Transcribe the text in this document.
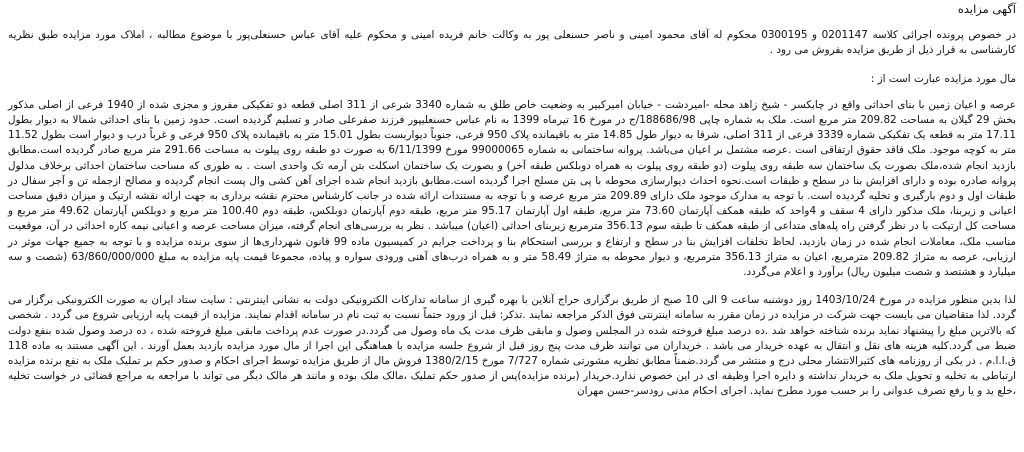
آگهی مزایده

در خصوص پرونده اجرائی کلاسه 0201147 و 0300195 محکوم له آقای محمود امینی و ناصر حسنعلی پور به وکالت خانم فریده امینی و محکوم علیه آقای عباس حسنعلی‌پور با موضوع مطالبه ، املاک مورد مزایده طبق نظریه کارشناسی به قرار ذیل از طریق مزایده بفروش می رود .

مال مورد مزایده عبارت است از :

عرصه و اعیان زمین با بنای احداثی واقع در چابکسر - شیخ زاهد محله -امیردشت - خیابان امیرکبیر به وضعیت خاص طلق به شماره 3340 شرعی از 311 اصلی قطعه دو تفکیکی مفروز و مجزی شده از 1940 فرعی از اصلی مذکور بخش 29 گیلان به مساحت 209.82 متر مربع است. ملک به شماره چاپی 188686/98/ج در مورخ 16 تیرماه 1399 به نام عباس حسنعلیپور فرزند صفرعلی صادر و تسلیم گردیده است. حدود زمین با بنای احداثی شمالا به دیوار بطول 17.11 متر به قطعه یک تفکیکی شماره 3339 فرعی از 311 اصلی، شرقا به دیوار طول 14.85 متر به باقیمانده پلاک 950 فرعی، جنوباً دیواربست بطول 15.01 متر به باقیمانده پلاک 950 فرعی و غرباً درب و دیوار است بطول 11.52 متر به کوچه موجود. ملک فاقد حقوق ارتفاقی است .عرصه مشتمل بر اعیان می‌باشد. پروانه ساختمانی به شماره 99000065 مورخ 6/11/1399 به صورت دو طبقه روی پیلوت به مساحت 291.66 متر مربع صادر گردیده است.مطابق بازدید انجام شده،ملک بصورت یک ساختمان سه طبقه روی پیلوت (دو طبقه روی پیلوت به همراه دوبلکس طبقه آخر) و بصورت یک ساختمان اسکلت بتن آرمه تک واحدی است . به طوری که مساحت ساختمان احداثی برخلاف مدلول پروانه صادره بوده و دارای افزایش بنا در سطح و طبقات است.نحوه احداث دیوارسازی محوطه با پی بتن مسلح اجرا گردیده است.مطابق بازدید انجام شده اجرای آهن کشی وال پست انجام گردیده و مصالح ازجمله تن و آجر سفال در طبقات اول و دوم بارگیری و تخلیه گردیده است. با توجه به مدارک موجود ملک دارای 209.89 متر مربع عرصه و با توجه به مستندات ارائه شده در جانب کارشناس محترم نقشه برداری به جهت ارائه نقشه ارتیک و میزان دقیق مساحت اعیانی و زیربنا، ملک مذکور دارای 4 سقف و 4واحد که طبقه همکف آپارتمان 73.60 متر مربع، طبقه اول آپارتمان 95.17 متر مربع، طبقه دوم آپارتمان دوبلکس، طبقه دوم 100.40 متر مربع و دوبلکس آپارتمان 49.62 متر مربع و مساحت کل ارتیکت با در نظر گرفتن راه پله‌های متداعی از طبقه همکف تا طبقه سوم 356.13 مترمربع زیربنای احداثی (اعیان) میباشد . نظر به بررسی‌های انجام گرفته، میزان مساحت عرصه و اعیانی نیمه کاره احداثی در آن، موقعیت مناسب ملک، معاملات انجام شده در زمان بازدید، لحاظ تخلفات افزایش بنا در سطح و ارتفاع و بررسی استحکام بنا و پرداخت جرایم در کمیسیون ماده 99 قانون شهرداری‌ها از سوی برنده مزایده و با توجه به جمیع جهات موثر در ارزیابی، عرصه به متراژ 209.82 مترمربع، اعیان به متراژ 356.13 مترمربع، و دیوار محوطه به متراژ 58.49 متر و به همراه درب‌های آهنی ورودی سواره و پیاده، مجموعا قیمت پایه مزایده به مبلغ 63/860/000/000 (شصت و سه میلیارد و هشتصد و شصت میلیون ریال) برآورد و اعلام می‌گردد.

لذا بدین منظور مزایده در مورخ 1403/10/24 روز دوشنبه ساعت 9 الی 10 صبح از طریق برگزاری حراج آنلاین با بهره گیری از سامانه تدارکات الکترونیکی دولت به نشانی اینترنتی : سایت ستاد ایران به صورت الکترونیکی برگزار می گردد. لذا متقاضیان می بایست جهت شرکت در مزایده در زمان مقرر به سامانه اینترنتی فوق الذکر مراجعه نمایند .تذکر: قبل از ورود حتماً نسبت به ثبت نام در سامانه اقدام نمایند. مزایده از قیمت پایه ارزیابی شروع می گردد . شخصی که بالاترین مبلغ را پیشنهاد نماید برنده شناخته خواهد شد .ده درصد مبلغ فروخته شده در المجلس وصول و مابقی ظرف مدت یک ماه وصول می گردد.در صورت عدم پرداخت مابقی مبلغ فروخته شده ، ده درصد وصول شده بنفع دولت ضبط می گردد.کلیه هزینه های نقل و انتقال به عهده خریدار می باشد . خریداران می توانند ظرف مدت پنج روز قبل از شروع جلسه مزایده با هماهنگی این اجرا از مال مورد مزایده بازدید بعمل آورند . این آگهی مستند به ماده 118 ق.ا.ا.م . در یکی از روزنامه های کثیرالانتشار محلی درج و منتشر می گردد.ضمناً مطابق نظریه مشورتی شماره 7/727 مورخ 1380/2/15 فروش مال از طریق مزایده توسط اجرای احکام و صدور حکم بر تملیک ملک به نفع برنده مزایده ارتباطی به تخلیه و تحویل ملک به خریدار نداشته و دایره اجرا وظیفه ای در این خصوص ندارد.خریدار (برنده مزایده)پس از صدور حکم تملیک ،مالک ملک بوده و مانند هر مالک دیگر می تواند با مراجعه به مراجع قضائی در خواست تخلیه ،خلع ید و یا رفع تصرف عدوانی را بر حسب مورد مطرح نماید. اجرای احکام مدنی رودسر-حسن مهران
